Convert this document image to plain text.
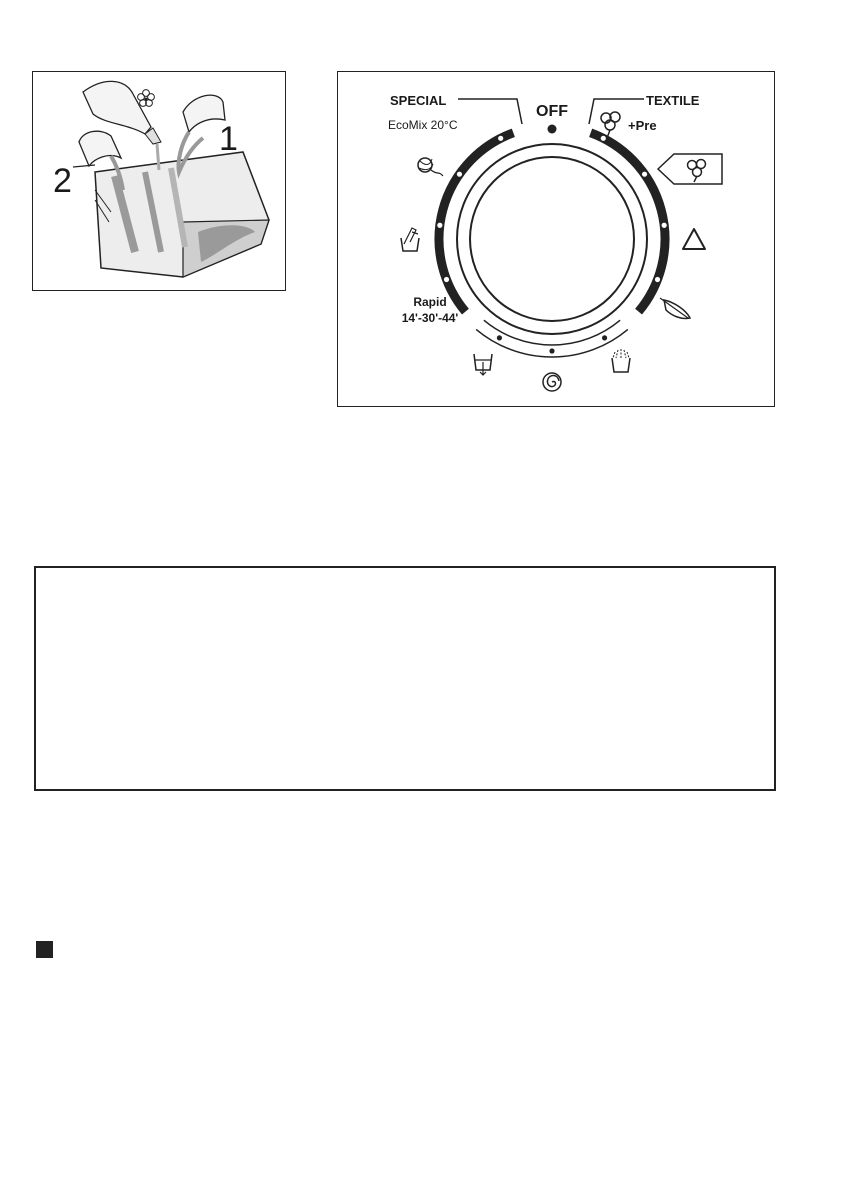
1
2
OFF
SPECIAL	TEXTILE
EcoMix 20°C	+Pre
Rapid
14'-30'-44'
